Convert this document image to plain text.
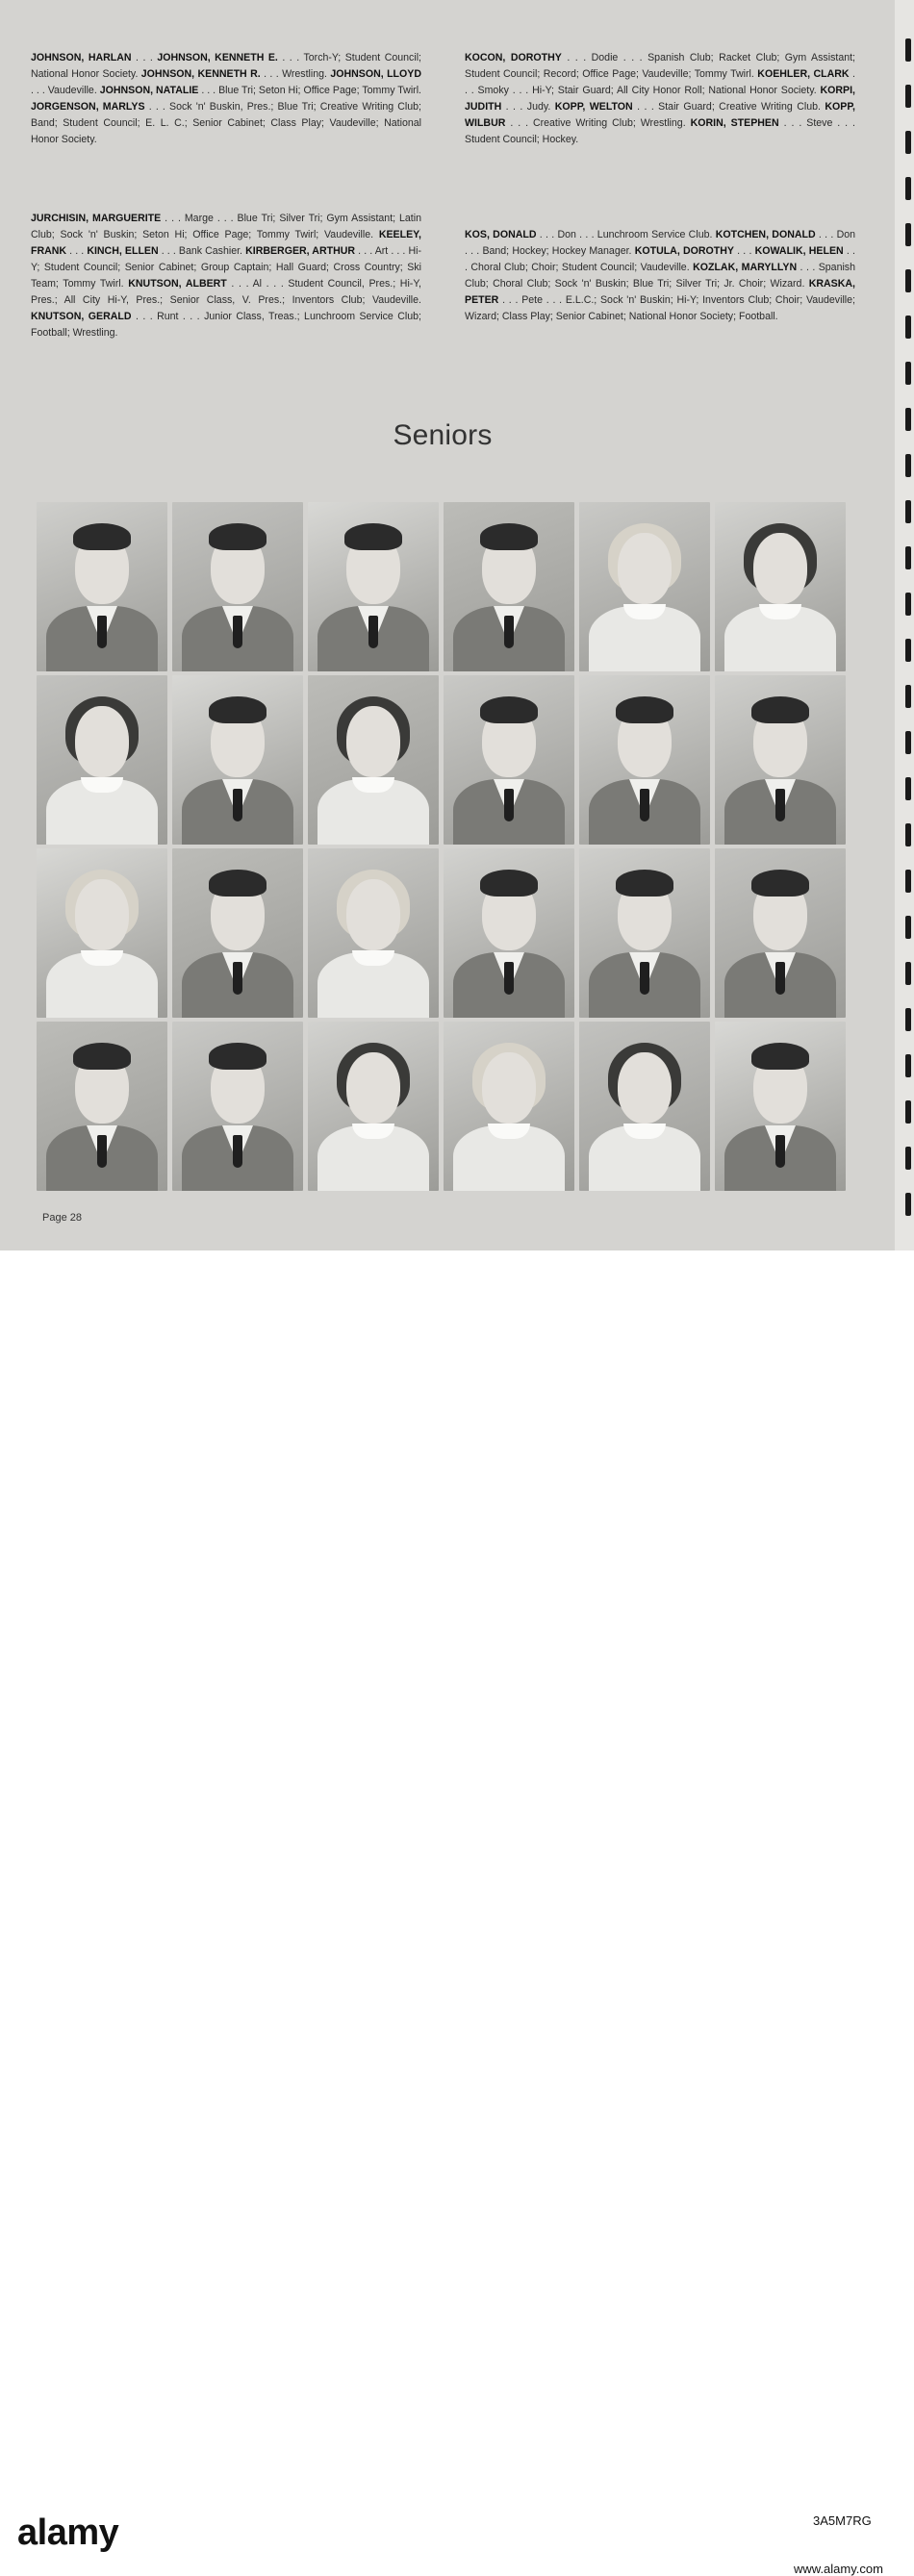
JOHNSON, HARLAN . . . JOHNSON, KENNETH E. . . . Torch-Y; Student Council; National Honor Society. JOHNSON, KENNETH R. . . . Wrestling. JOHNSON, LLOYD . . . Vaudeville. JOHNSON, NATALIE . . . Blue Tri; Seton Hi; Office Page; Tommy Twirl. JORGENSON, MARLYS . . . Sock 'n' Buskin, Pres.; Blue Tri; Creative Writing Club; Band; Student Council; E. L. C.; Senior Cabinet; Class Play; Vaudeville; National Honor Society.
KOCON, DOROTHY . . . Dodie . . . Spanish Club; Racket Club; Gym Assistant; Student Council; Record; Office Page; Vaudeville; Tommy Twirl. KOEHLER, CLARK . . . Smoky . . . Hi-Y; Stair Guard; All City Honor Roll; National Honor Society. KORPI, JUDITH . . . Judy. KOPP, WELTON . . . Stair Guard; Creative Writing Club. KOPP, WILBUR . . . Creative Writing Club; Wrestling. KORIN, STEPHEN . . . Steve . . . Student Council; Hockey.
JURCHISIN, MARGUERITE . . . Marge . . . Blue Tri; Silver Tri; Gym Assistant; Latin Club; Sock 'n' Buskin; Seton Hi; Office Page; Tommy Twirl; Vaudeville. KEELEY, FRANK . . . KINCH, ELLEN . . . Bank Cashier. KIRBERGER, ARTHUR . . . Art . . . Hi-Y; Student Council; Senior Cabinet; Group Captain; Hall Guard; Cross Country; Ski Team; Tommy Twirl. KNUTSON, ALBERT . . . Al . . . Student Council, Pres.; Hi-Y, Pres.; All City Hi-Y, Pres.; Senior Class, V. Pres.; Inventors Club; Vaudeville. KNUTSON, GERALD . . . Runt . . . Junior Class, Treas.; Lunchroom Service Club; Football; Wrestling.
KOS, DONALD . . . Don . . . Lunchroom Service Club. KOTCHEN, DONALD . . . Don . . . Band; Hockey; Hockey Manager. KOTULA, DOROTHY . . . KOWALIK, HELEN . . . Choral Club; Choir; Student Council; Vaudeville. KOZLAK, MARYLLYN . . . Spanish Club; Choral Club; Sock 'n' Buskin; Blue Tri; Silver Tri; Jr. Choir; Wizard. KRASKA, PETER . . . Pete . . . E.L.C.; Sock 'n' Buskin; Hi-Y; Inventors Club; Choir; Vaudeville; Wizard; Class Play; Senior Cabinet; National Honor Society; Football.
Seniors
Page 28
alamy	3A5M7RG
www.alamy.com
